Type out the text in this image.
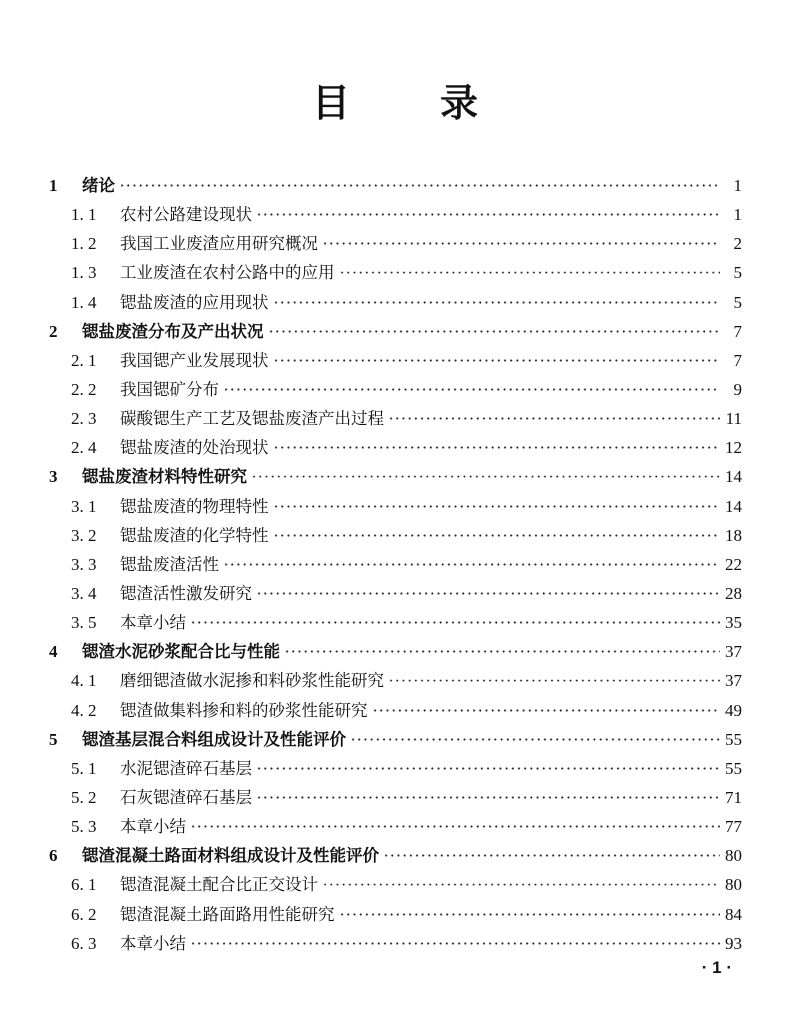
目 录
1 绪论	1
1. 1 农村公路建设现状	1
1. 2 我国工业废渣应用研究概况	2
1. 3 工业废渣在农村公路中的应用	5
1. 4 锶盐废渣的应用现状	5
2 锶盐废渣分布及产出状况	7
2. 1 我国锶产业发展现状	7
2. 2 我国锶矿分布	9
2. 3 碳酸锶生产工艺及锶盐废渣产出过程	11
2. 4 锶盐废渣的处治现状	12
3 锶盐废渣材料特性研究	14
3. 1 锶盐废渣的物理特性	14
3. 2 锶盐废渣的化学特性	18
3. 3 锶盐废渣活性	22
3. 4 锶渣活性激发研究	28
3. 5 本章小结	35
4 锶渣水泥砂浆配合比与性能	37
4. 1 磨细锶渣做水泥掺和料砂浆性能研究	37
4. 2 锶渣做集料掺和料的砂浆性能研究	49
5 锶渣基层混合料组成设计及性能评价	55
5. 1 水泥锶渣碎石基层	55
5. 2 石灰锶渣碎石基层	71
5. 3 本章小结	77
6 锶渣混凝土路面材料组成设计及性能评价	80
6. 1 锶渣混凝土配合比正交设计	80
6. 2 锶渣混凝土路面路用性能研究	84
6. 3 本章小结	93
· 1 ·
